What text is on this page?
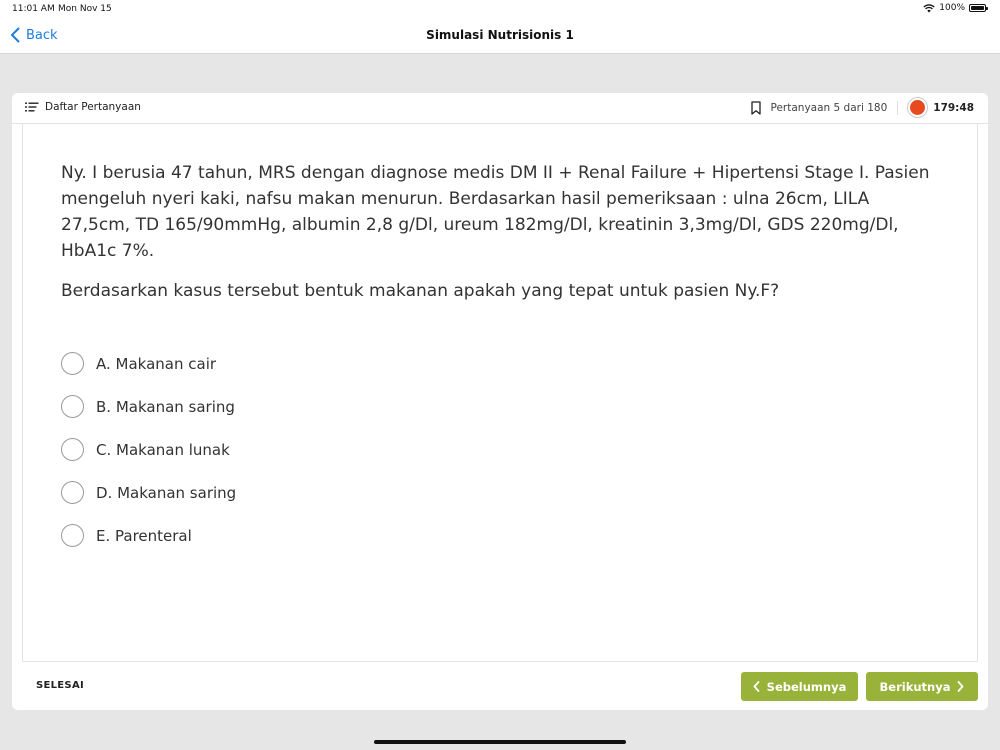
11:01 AM Mon Nov 15	100%
Back	Simulasi Nutrisionis 1
Daftar Pertanyaan	Pertanyaan 5 dari 180	179:48

Ny. I berusia 47 tahun, MRS dengan diagnose medis DM II + Renal Failure + Hipertensi Stage I. Pasien mengeluh nyeri kaki, nafsu makan menurun. Berdasarkan hasil pemeriksaan : ulna 26cm, LILA 27,5cm, TD 165/90mmHg, albumin 2,8 g/Dl, ureum 182mg/Dl, kreatinin 3,3mg/Dl, GDS 220mg/Dl, HbA1c 7%.

Berdasarkan kasus tersebut bentuk makanan apakah yang tepat untuk pasien Ny.F?

A. Makanan cair
B. Makanan saring
C. Makanan lunak
D. Makanan saring
E. Parenteral
SELESAI	Sebelumnya	Berikutnya
